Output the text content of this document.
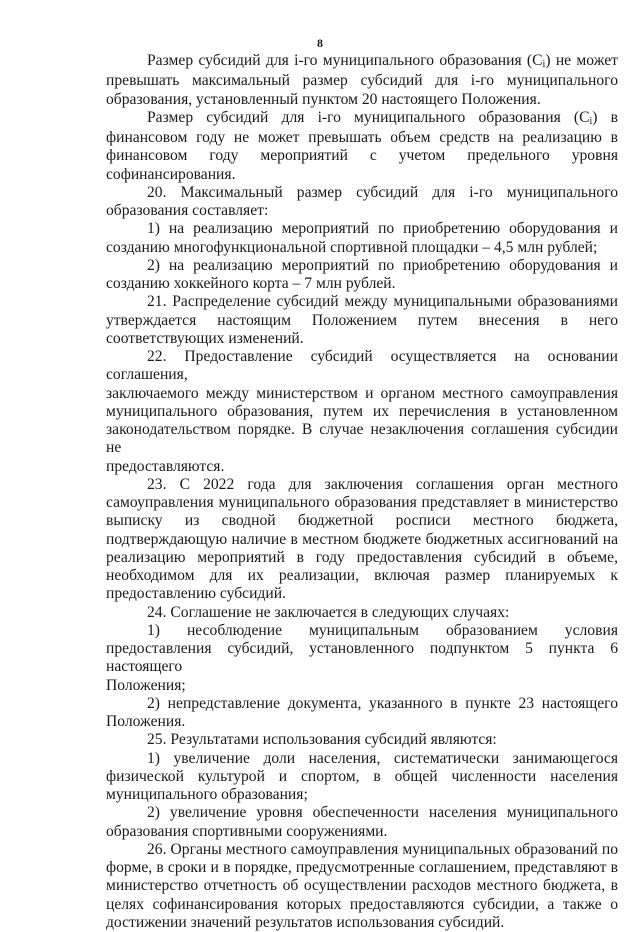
8

Размер субсидий для i-го муниципального образования (Ci) не может

превышать максимальный размер субсидий для i-го муниципального

образования, установленный пунктом 20 настоящего Положения.

Размер субсидий для i-го муниципального образования (Ci) в

финансовом году не может превышать объем средств на реализацию в

финансовом году мероприятий с учетом предельного уровня

софинансирования.

20. Максимальный размер субсидий для i-го муниципального

образования составляет:

1) на реализацию мероприятий по приобретению оборудования и

созданию многофункциональной спортивной площадки – 4,5 млн рублей;

2) на реализацию мероприятий по приобретению оборудования и

созданию хоккейного корта – 7 млн рублей.

21. Распределение субсидий между муниципальными образованиями

утверждается настоящим Положением путем внесения в него

соответствующих изменений.

22. Предоставление субсидий осуществляется на основании соглашения,

заключаемого между министерством и органом местного самоуправления

муниципального образования, путем их перечисления в установленном

законодательством порядке. В случае незаключения соглашения субсидии не

предоставляются.

23. С 2022 года для заключения соглашения орган местного

самоуправления муниципального образования представляет в министерство

выписку из сводной бюджетной росписи местного бюджета,

подтверждающую наличие в местном бюджете бюджетных ассигнований на

реализацию мероприятий в году предоставления субсидий в объеме,

необходимом для их реализации, включая размер планируемых к

предоставлению субсидий.

24. Соглашение не заключается в следующих случаях:

1) несоблюдение муниципальным образованием условия

предоставления субсидий, установленного подпунктом 5 пункта 6 настоящего

Положения;

2) непредставление документа, указанного в пункте 23 настоящего

Положения.

25. Результатами использования субсидий являются:

1) увеличение доли населения, систематически занимающегося

физической культурой и спортом, в общей численности населения

муниципального образования;

2) увеличение уровня обеспеченности населения муниципального

образования спортивными сооружениями.

26. Органы местного самоуправления муниципальных образований по

форме, в сроки и в порядке, предусмотренные соглашением, представляют в

министерство отчетность об осуществлении расходов местного бюджета, в

целях софинансирования которых предоставляются субсидии, а также о

достижении значений результатов использования субсидий.
